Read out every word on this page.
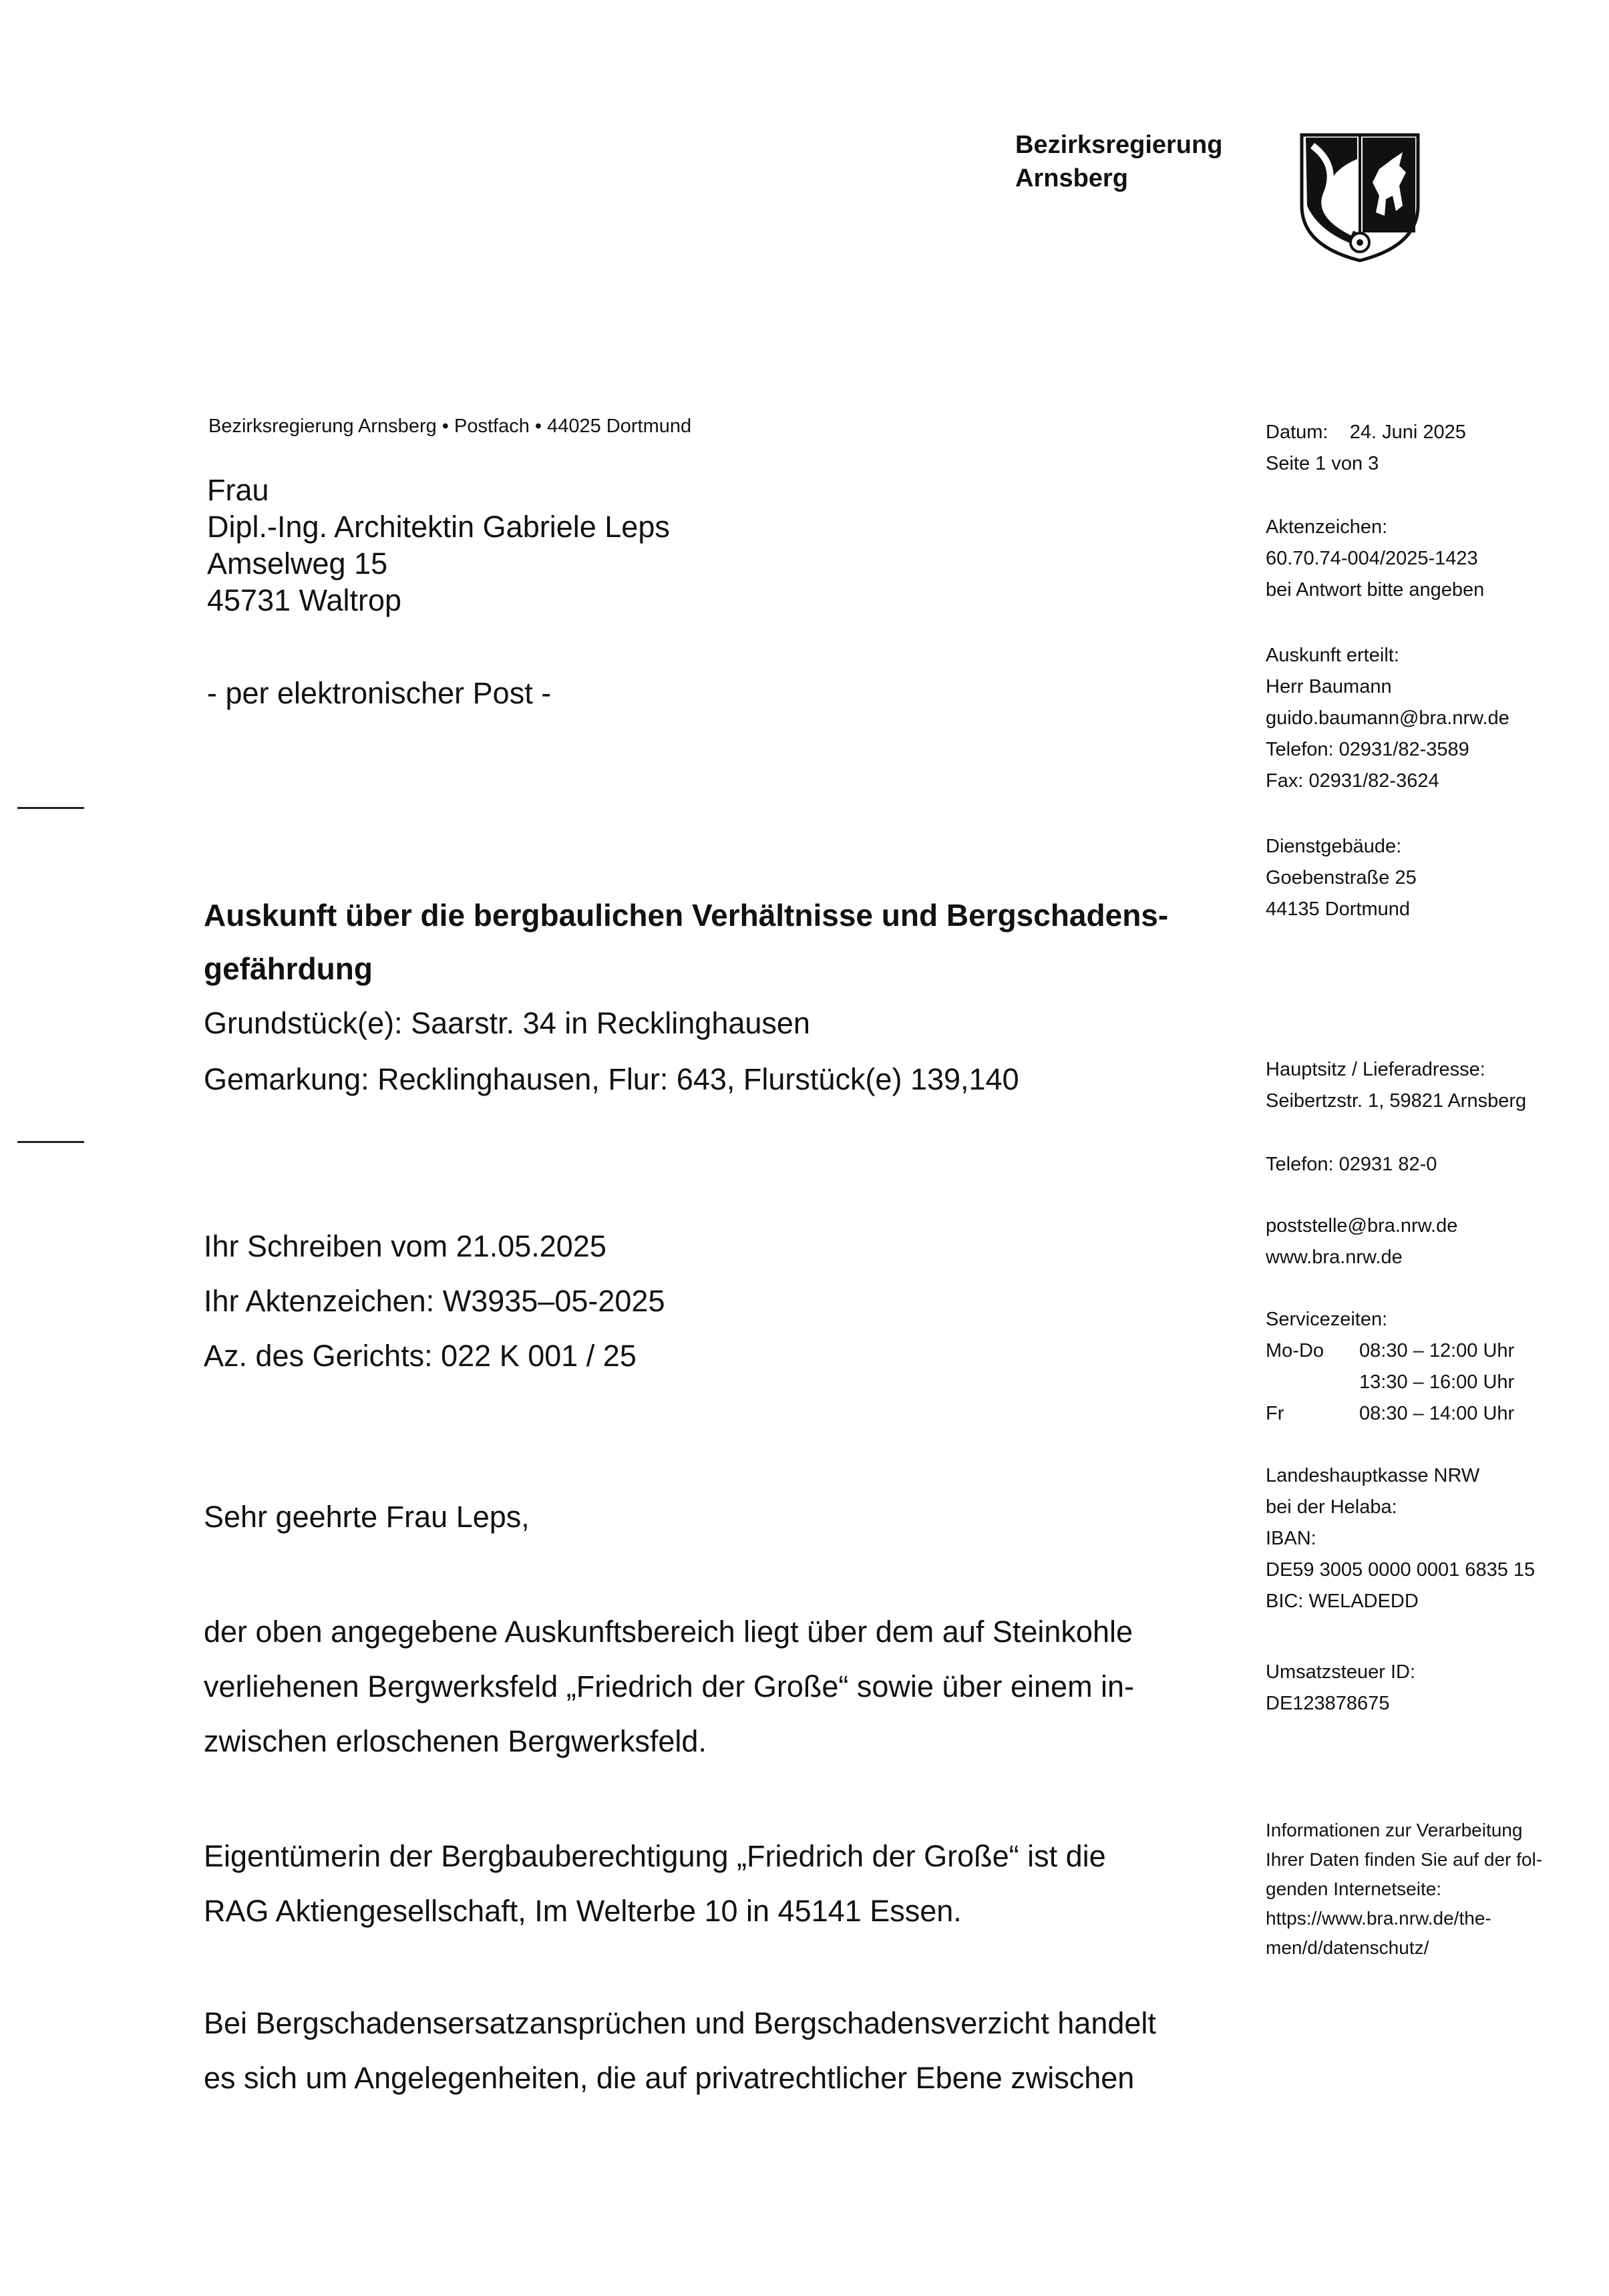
Bezirksregierung
Arnsberg
Bezirksregierung Arnsberg • Postfach • 44025 Dortmund
Frau
Dipl.-Ing. Architektin Gabriele Leps
Amselweg 15
45731 Waltrop
- per elektronischer Post -
Auskunft über die bergbaulichen Verhältnisse und Bergschadens-
gefährdung
Grundstück(e): Saarstr. 34 in Recklinghausen
Gemarkung: Recklinghausen, Flur: 643, Flurstück(e) 139,140
Ihr Schreiben vom 21.05.2025
Ihr Aktenzeichen: W3935–05-2025
Az. des Gerichts: 022 K 001 / 25
Sehr geehrte Frau Leps,
der oben angegebene Auskunftsbereich liegt über dem auf Steinkohle
verliehenen Bergwerksfeld „Friedrich der Große“ sowie über einem in-
zwischen erloschenen Bergwerksfeld.
Eigentümerin der Bergbauberechtigung „Friedrich der Große“ ist die
RAG Aktiengesellschaft, Im Welterbe 10 in 45141 Essen.
Bei Bergschadensersatzansprüchen und Bergschadensverzicht handelt
es sich um Angelegenheiten, die auf privatrechtlicher Ebene zwischen
Datum: 24. Juni 2025
Seite 1 von 3
Aktenzeichen:
60.70.74-004/2025-1423
bei Antwort bitte angeben
Auskunft erteilt:
Herr Baumann
guido.baumann@bra.nrw.de
Telefon: 02931/82-3589
Fax: 02931/82-3624
Dienstgebäude:
Goebenstraße 25
44135 Dortmund
Hauptsitz / Lieferadresse:
Seibertzstr. 1, 59821 Arnsberg
Telefon: 02931 82-0
poststelle@bra.nrw.de
www.bra.nrw.de
Servicezeiten:
Mo-Do	08:30 – 12:00 Uhr
13:30 – 16:00 Uhr
Fr	08:30 – 14:00 Uhr
Landeshauptkasse NRW
bei der Helaba:
IBAN:
DE59 3005 0000 0001 6835 15
BIC: WELADEDD
Umsatzsteuer ID:
DE123878675
Informationen zur Verarbeitung
Ihrer Daten finden Sie auf der fol-
genden Internetseite:
https://www.bra.nrw.de/the-
men/d/datenschutz/
